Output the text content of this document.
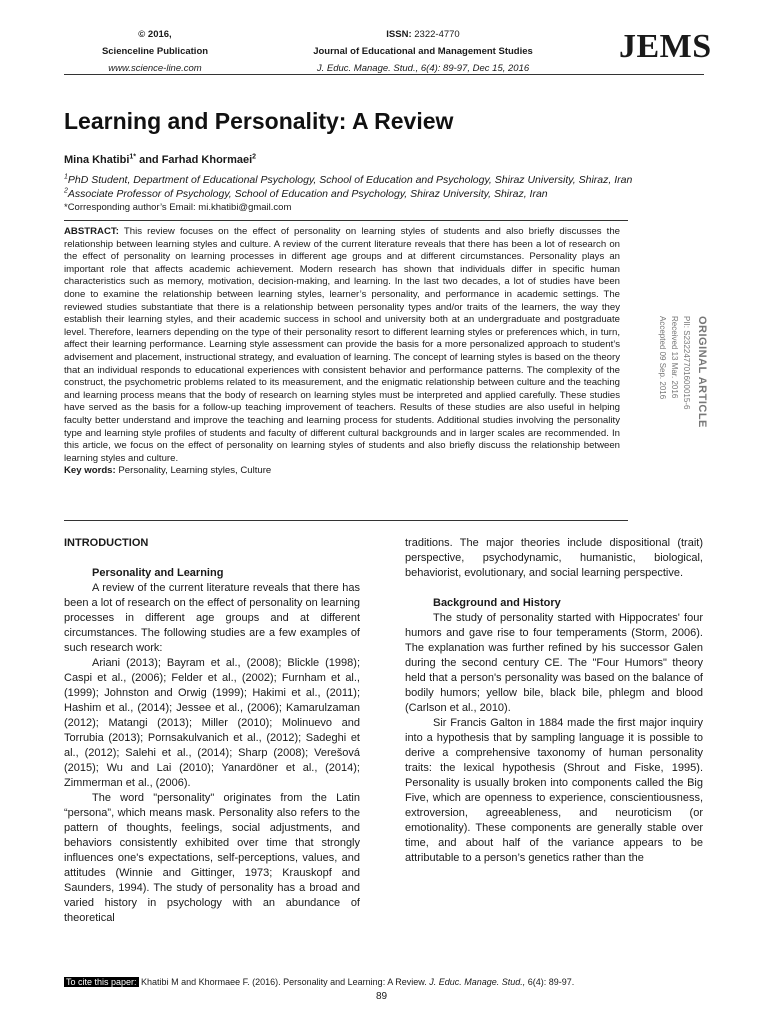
© 2016,
Scienceline Publication
www.science-line.com
ISSN: 2322-4770
Journal of Educational and Management Studies
J. Educ. Manage. Stud., 6(4): 89-97, Dec 15, 2016
JEMS
Learning and Personality: A Review
Mina Khatibi$^{1*}$ and Farhad Khormaei$^2$
$^1$PhD Student, Department of Educational Psychology, School of Education and Psychology, Shiraz University, Shiraz, Iran
$^2$Associate Professor of Psychology, School of Education and Psychology, Shiraz University, Shiraz, Iran
*Corresponding author’s Email: mi.khatibi@gmail.com
ABSTRACT: This review focuses on the effect of personality on learning styles of students and also briefly discusses the relationship between learning styles and culture. A review of the current literature reveals that there has been a lot of research on the effect of personality on learning processes in different age groups and at different circumstances. Personality plays an important role that affects academic achievement. Modern research has shown that individuals differ in specific human characteristics such as memory, motivation, decision-making, and learning. In the last two decades, a lot of studies have been done to examine the relationship between learning styles, learner’s personality, and performance in academic settings. The reviewed studies substantiate that there is a relationship between personality types and/or traits of the learners, the way they establish their learning styles, and their academic success in school and university both at an undergraduate and postgraduate level. Therefore, learners depending on the type of their personality resort to different learning styles or preferences which, in turn, affect their learning performance. Learning style assessment can provide the basis for a more personalized approach to student’s advisement and placement, instructional strategy, and evaluation of learning. The concept of learning styles is based on the theory that an individual responds to educational experiences with consistent behavior and performance patterns. The complexity of the construct, the psychometric problems related to its measurement, and the enigmatic relationship between culture and the teaching and learning process means that the body of research on learning styles must be interpreted and applied carefully. These studies have served as the basis for a follow-up teaching improvement of teachers. Results of these studies are also useful in helping faculty better understand and improve the teaching and learning process for students. Additional studies involving the personality type and learning style profiles of students and faculty of different cultural backgrounds and in larger scales are recommended. In this article, we focus on the effect of personality on learning styles of students and also briefly discuss the relationship between learning styles and culture.
Key words: Personality, Learning styles, Culture
ORIGINAL ARTICLE
PII: S232247701600015-6
Received 13 Mar. 2016
Accepted 09 Sep. 2016

INTRODUCTION

Personality and Learning

A review of the current literature reveals that there has been a lot of research on the effect of personality on learning processes in different age groups and at different circumstances. The following studies are a few examples of such research work:

Ariani (2013); Bayram et al., (2008); Blickle (1998); Caspi et al., (2006); Felder et al., (2002); Furnham et al., (1999); Johnston and Orwig (1999); Hakimi et al., (2011); Hashim et al., (2014); Jessee et al., (2006); Kamarulzaman (2012); Matangi (2013); Miller (2010); Molinuevo and Torrubia (2013); Pornsakulvanich et al., (2012); Sadeghi et al., (2012); Salehi et al., (2014); Sharp (2008); Verešová (2015); Wu and Lai (2010); Yanardöner et al., (2014); Zimmerman et al., (2006).

The word "personality" originates from the Latin “persona”, which means mask. Personality also refers to the pattern of thoughts, feelings, social adjustments, and behaviors consistently exhibited over time that strongly influences one's expectations, self-perceptions, values, and attitudes (Winnie and Gittinger, 1973; Krauskopf and Saunders, 1994). The study of personality has a broad and varied history in psychology with an abundance of theoretical

traditions. The major theories include dispositional (trait) perspective, psychodynamic, humanistic, biological, behaviorist, evolutionary, and social learning perspective.

Background and History

The study of personality started with Hippocrates' four humors and gave rise to four temperaments (Storm, 2006). The explanation was further refined by his successor Galen during the second century CE. The "Four Humors" theory held that a person's personality was based on the balance of bodily humors; yellow bile, black bile, phlegm and blood (Carlson et al., 2010).

Sir Francis Galton in 1884 made the first major inquiry into a hypothesis that by sampling language it is possible to derive a comprehensive taxonomy of human personality traits: the lexical hypothesis (Shrout and Fiske, 1995). Personality is usually broken into components called the Big Five, which are openness to experience, conscientiousness, extroversion, agreeableness, and neuroticism (or emotionality). These components are generally stable over time, and about half of the variance appears to be attributable to a person’s genetics rather than the

To cite this paper: Khatibi M and Khormaee F. (2016). Personality and Learning: A Review. J. Educ. Manage. Stud., 6(4): 89-97.
89
